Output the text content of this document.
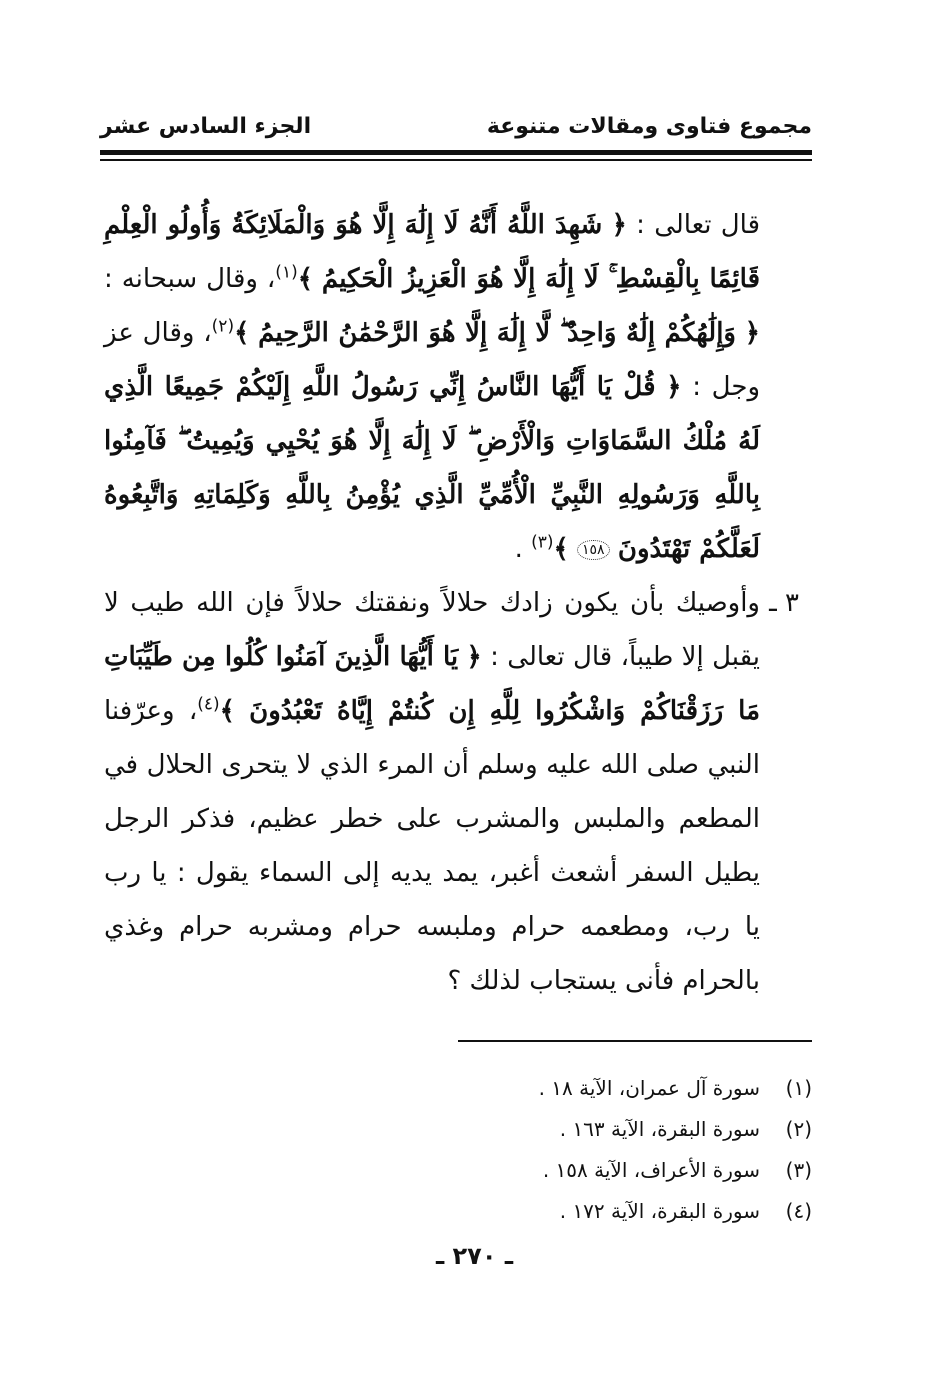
مجموع فتاوى ومقالات متنوعة
الجزء السادس عشر

قال تعالى : ﴿ شَهِدَ اللَّهُ أَنَّهُ لَا إِلَٰهَ إِلَّا هُوَ وَالْمَلَائِكَةُ وَأُولُو الْعِلْمِ قَائِمًا بِالْقِسْطِ ۚ لَا إِلَٰهَ إِلَّا هُوَ الْعَزِيزُ الْحَكِيمُ ﴾$^{(١)}$، وقال سبحانه : ﴿ وَإِلَٰهُكُمْ إِلَٰهٌ وَاحِدٌ ۖ لَّا إِلَٰهَ إِلَّا هُوَ الرَّحْمَٰنُ الرَّحِيمُ ﴾$^{(٢)}$، وقال عز وجل : ﴿ قُلْ يَا أَيُّهَا النَّاسُ إِنِّي رَسُولُ اللَّهِ إِلَيْكُمْ جَمِيعًا الَّذِي لَهُ مُلْكُ السَّمَاوَاتِ وَالْأَرْضِ ۖ لَا إِلَٰهَ إِلَّا هُوَ يُحْيِي وَيُمِيتُ ۖ فَآمِنُوا بِاللَّهِ وَرَسُولِهِ النَّبِيِّ الْأُمِّيِّ الَّذِي يُؤْمِنُ بِاللَّهِ وَكَلِمَاتِهِ وَاتَّبِعُوهُ لَعَلَّكُمْ تَهْتَدُونَ ١٥٨ ﴾$^{(٣)}$ .

٣ ـ
وأوصيك بأن يكون زادك حلالاً ونفقتك حلالاً فإن الله طيب لا يقبل إلا طيباً، قال تعالى : ﴿ يَا أَيُّهَا الَّذِينَ آمَنُوا كُلُوا مِن طَيِّبَاتِ مَا رَزَقْنَاكُمْ وَاشْكُرُوا لِلَّهِ إِن كُنتُمْ إِيَّاهُ تَعْبُدُونَ ﴾$^{(٤)}$، وعرّفنا النبي صلى الله عليه وسلم أن المرء الذي لا يتحرى الحلال في المطعم والملبس والمشرب على خطر عظيم، فذكر الرجل يطيل السفر أشعث أغبر، يمد يديه إلى السماء يقول : يا رب يا رب، ومطعمه حرام وملبسه حرام ومشربه حرام وغذي بالحرام فأنى يستجاب لذلك ؟

(١)
سورة آل عمران، الآية ١٨ .
(٢)
سورة البقرة، الآية ١٦٣ .
(٣)
سورة الأعراف، الآية ١٥٨ .
(٤)
سورة البقرة، الآية ١٧٢ .
ـ ٢٧٠ ـ
